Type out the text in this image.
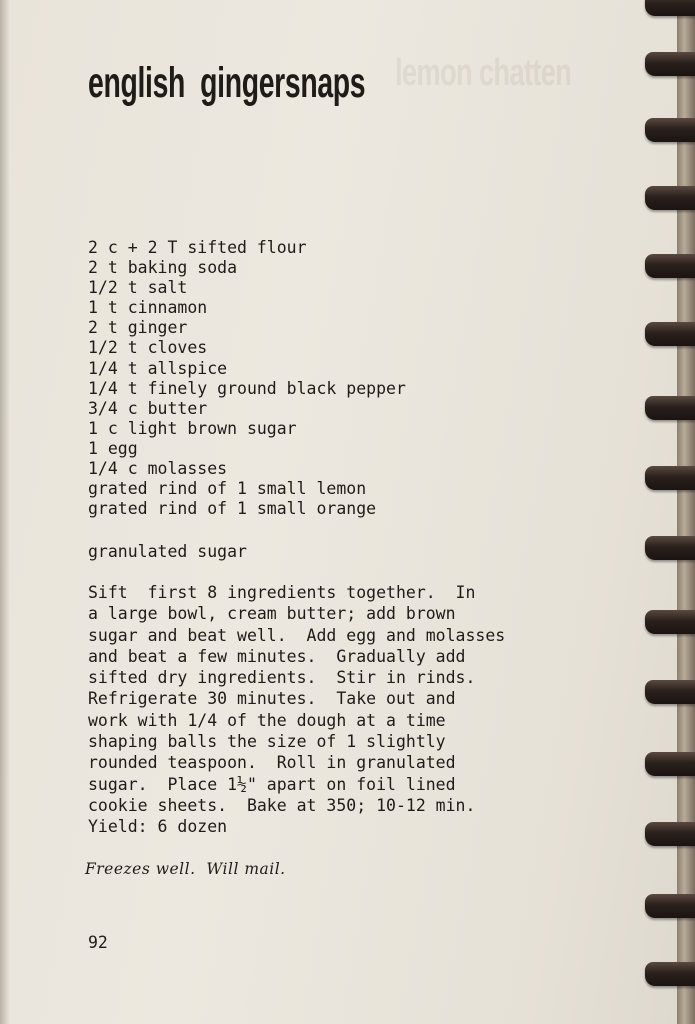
lemon chatten
english  gingersnaps
2 c + 2 T sifted flour
2 t baking soda
1/2 t salt
1 t cinnamon
2 t ginger
1/2 t cloves
1/4 t allspice
1/4 t finely ground black pepper
3/4 c butter
1 c light brown sugar
1 egg
1/4 c molasses
grated rind of 1 small lemon
grated rind of 1 small orange
granulated sugar
Sift  first 8 ingredients together.  In
a large bowl, cream butter; add brown
sugar and beat well.  Add egg and molasses
and beat a few minutes.  Gradually add
sifted dry ingredients.  Stir in rinds.
Refrigerate 30 minutes.  Take out and
work with 1/4 of the dough at a time
shaping balls the size of 1 slightly
rounded teaspoon.  Roll in granulated
sugar.  Place 1½" apart on foil lined
cookie sheets.  Bake at 350; 10-12 min.
Yield: 6 dozen
Freezes well.  Will mail.
92
